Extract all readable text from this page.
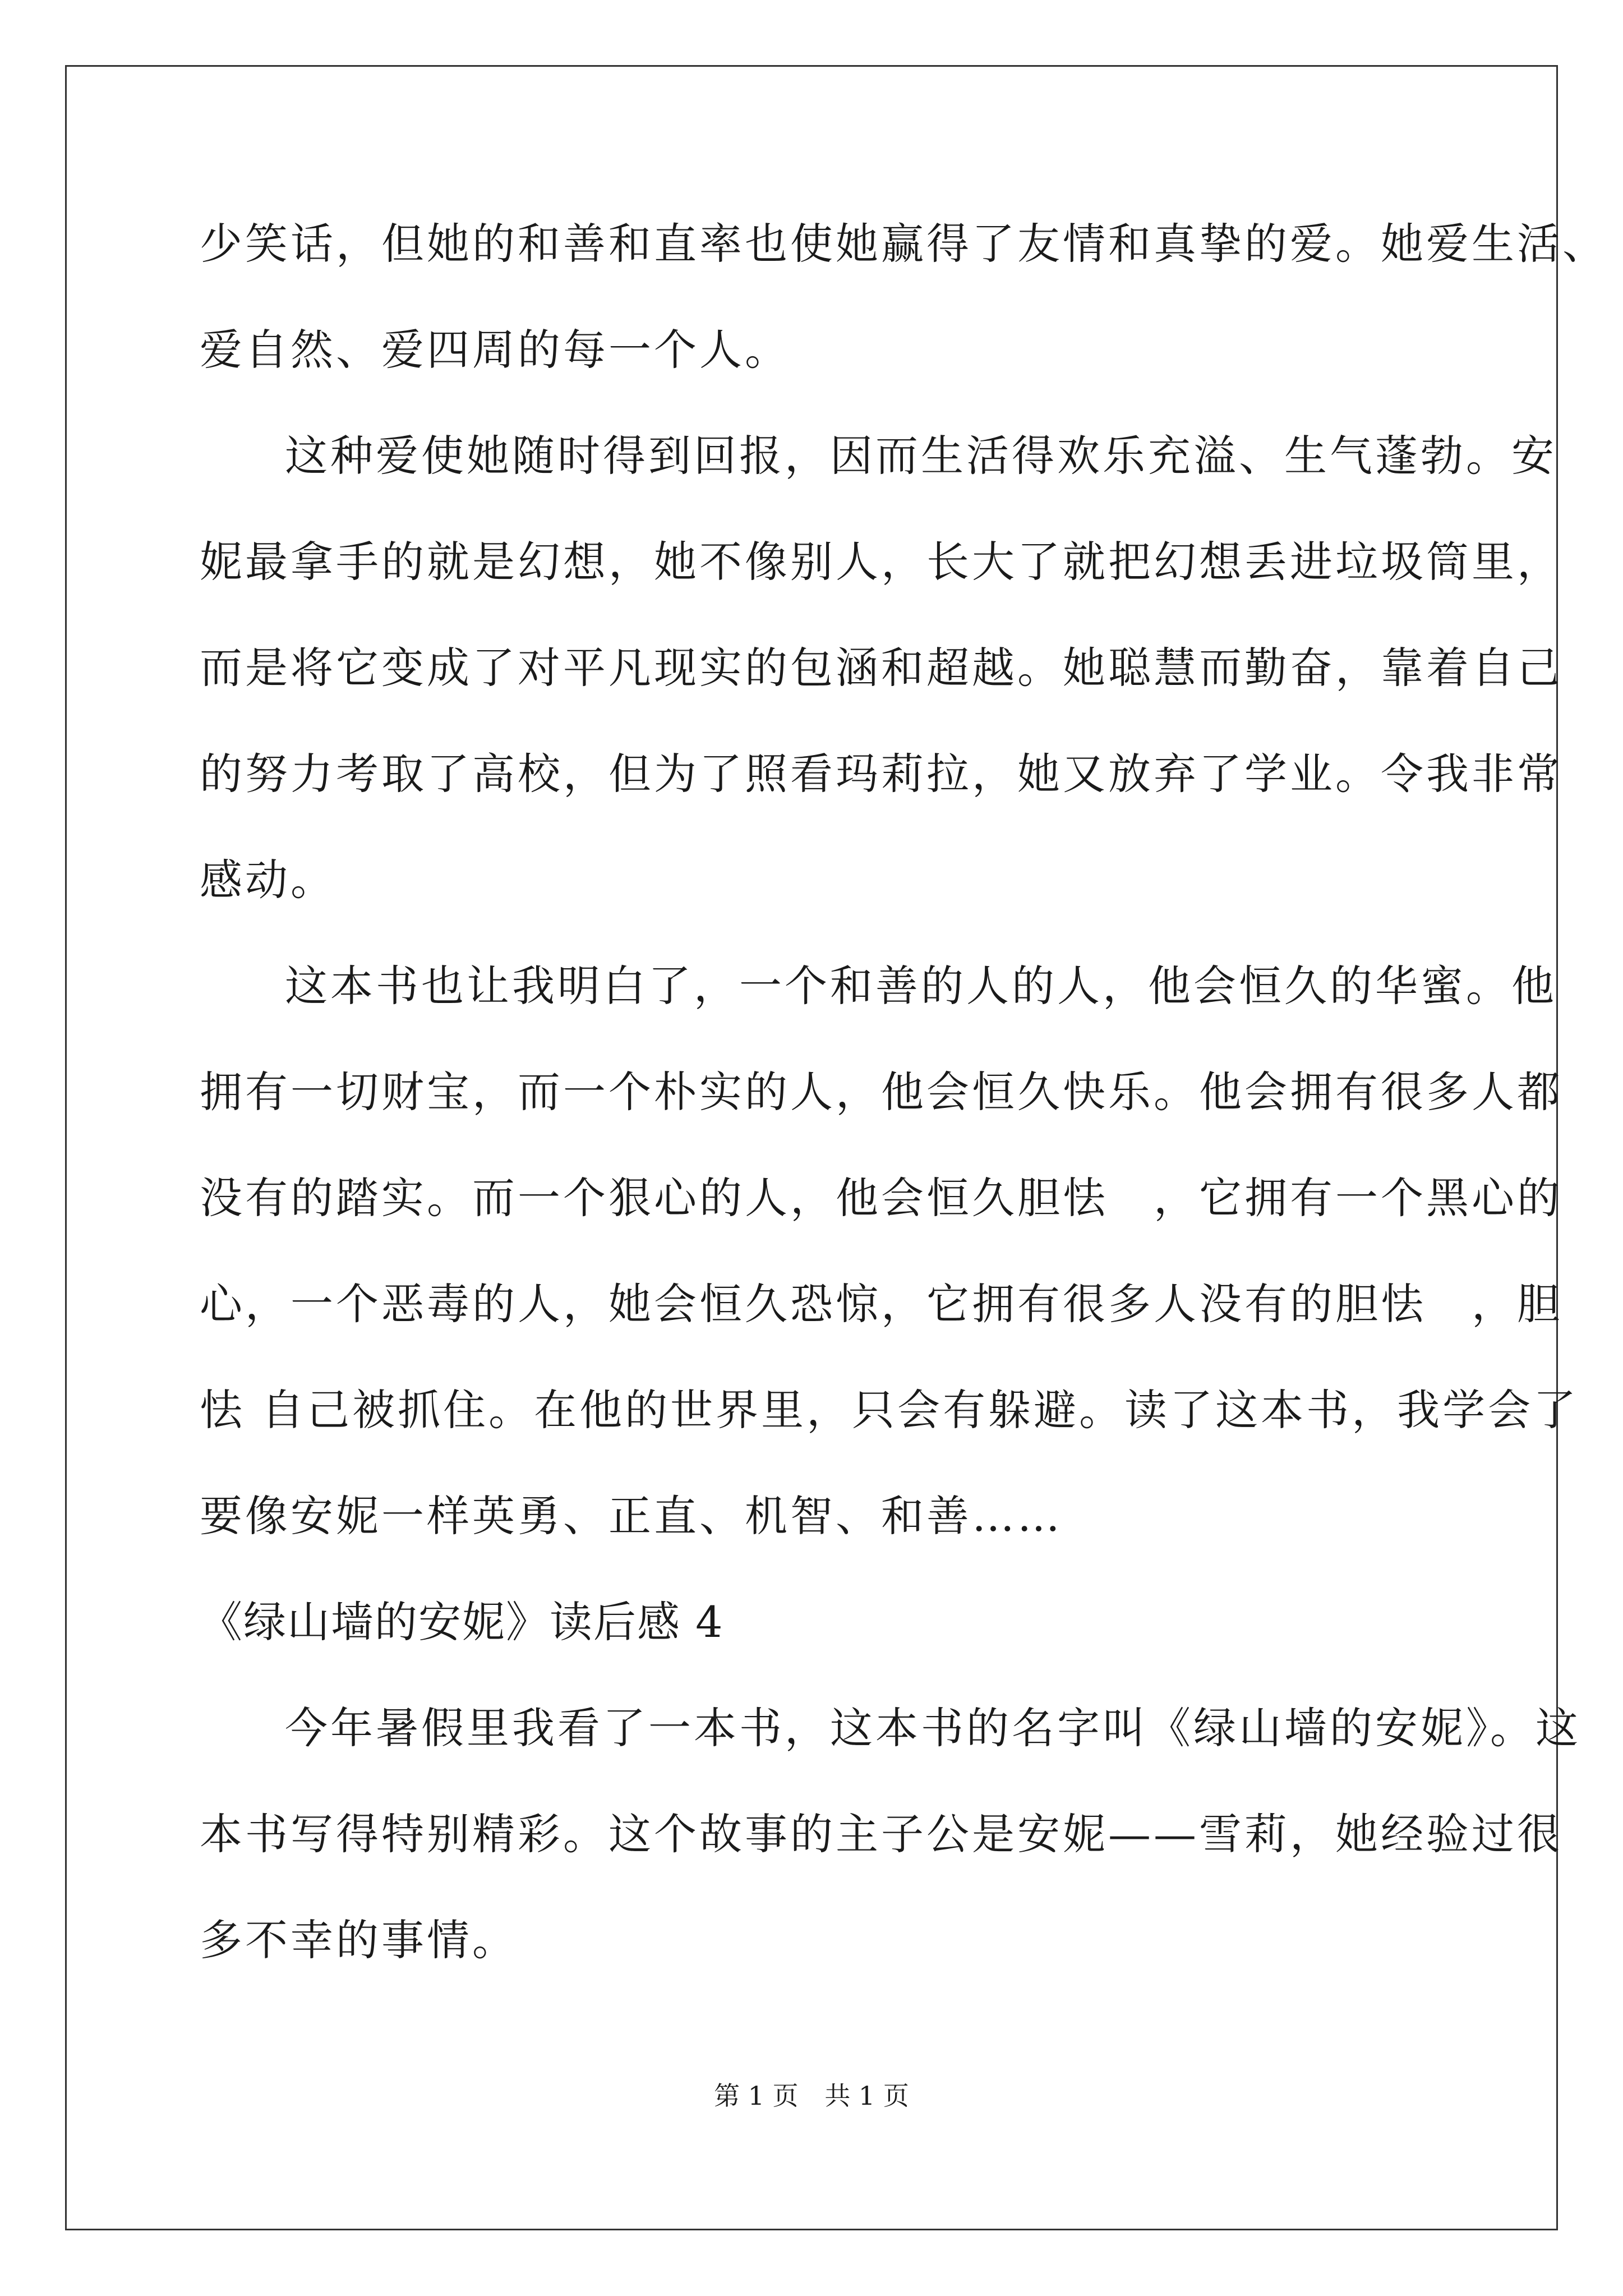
少笑话，但她的和善和直率也使她赢得了友情和真挚的爱。她爱生活、

爱自然、爱四周的每一个人。

这种爱使她随时得到回报，因而生活得欢乐充溢、生气蓬勃。安

妮最拿手的就是幻想，她不像别人，长大了就把幻想丢进垃圾筒里，

而是将它变成了对平凡现实的包涵和超越。她聪慧而勤奋，靠着自己

的努力考取了高校，但为了照看玛莉拉，她又放弃了学业。令我非常

感动。

这本书也让我明白了，一个和善的人的人，他会恒久的华蜜。他

拥有一切财宝，而一个朴实的人，他会恒久快乐。他会拥有很多人都

没有的踏实。而一个狠心的人，他会恒久胆怯　，它拥有一个黑心的

心，一个恶毒的人，她会恒久恐惊，它拥有很多人没有的胆怯　，胆

怯 自己被抓住。在他的世界里，只会有躲避。读了这本书，我学会了

要像安妮一样英勇、正直、机智、和善……

《绿山墙的安妮》读后感 4

今年暑假里我看了一本书，这本书的名字叫《绿山墙的安妮》。这

本书写得特别精彩。这个故事的主子公是安妮——雪莉，她经验过很

多不幸的事情。

第 1 页 共 1 页
